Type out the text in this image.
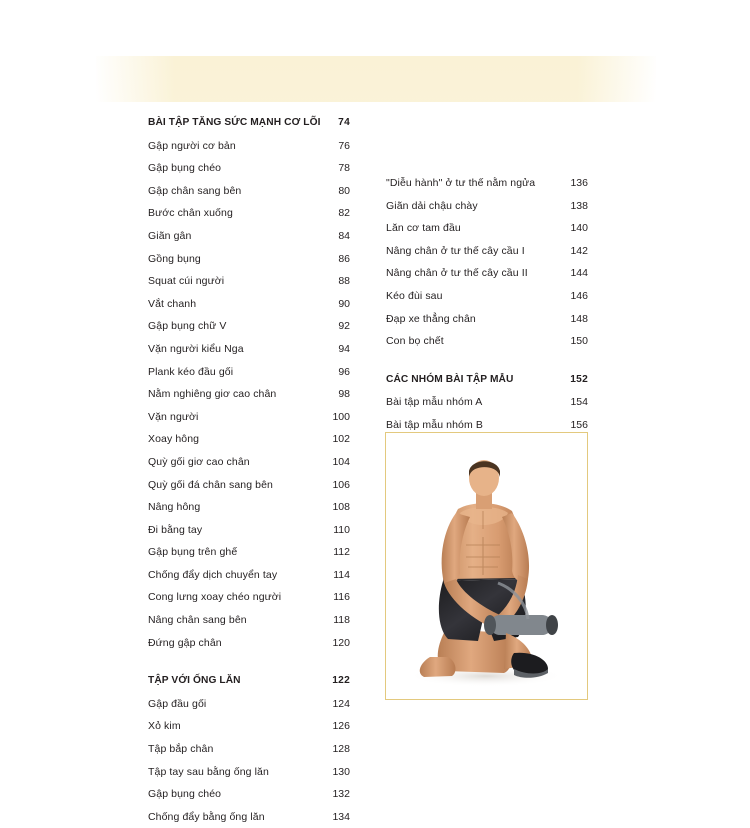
BÀI TẬP TĂNG SỨC MẠNH CƠ LÕI	74
Gập người cơ bản	76
Gập bụng chéo	78
Gập chân sang bên	80
Bước chân xuống	82
Giãn gân	84
Gồng bụng	86
Squat cúi người	88
Vắt chanh	90
Gập bụng chữ V	92
Vặn người kiểu Nga	94
Plank kéo đầu gối	96
Nằm nghiêng giơ cao chân	98
Vặn người	100
Xoay hông	102
Quỳ gối giơ cao chân	104
Quỳ gối đá chân sang bên	106
Nâng hông	108
Đi bằng tay	110
Gập bụng trên ghế	112
Chống đẩy dịch chuyển tay	114
Cong lưng xoay chéo người	116
Nâng chân sang bên	118
Đứng gập chân	120
TẬP VỚI ỐNG LĂN	122
Gập đầu gối	124
Xỏ kim	126
Tập bắp chân	128
Tập tay sau bằng ống lăn	130
Gập bụng chéo	132
Chống đẩy bằng ống lăn	134
"Diễu hành" ở tư thế nằm ngửa	136
Giãn dải chậu chày	138
Lăn cơ tam đầu	140
Nâng chân ở tư thế cây cầu I	142
Nâng chân ở tư thế cây cầu II	144
Kéo đùi sau	146
Đạp xe thẳng chân	148
Con bọ chết	150
CÁC NHÓM BÀI TẬP MẪU	152
Bài tập mẫu nhóm A	154
Bài tập mẫu nhóm B	156
